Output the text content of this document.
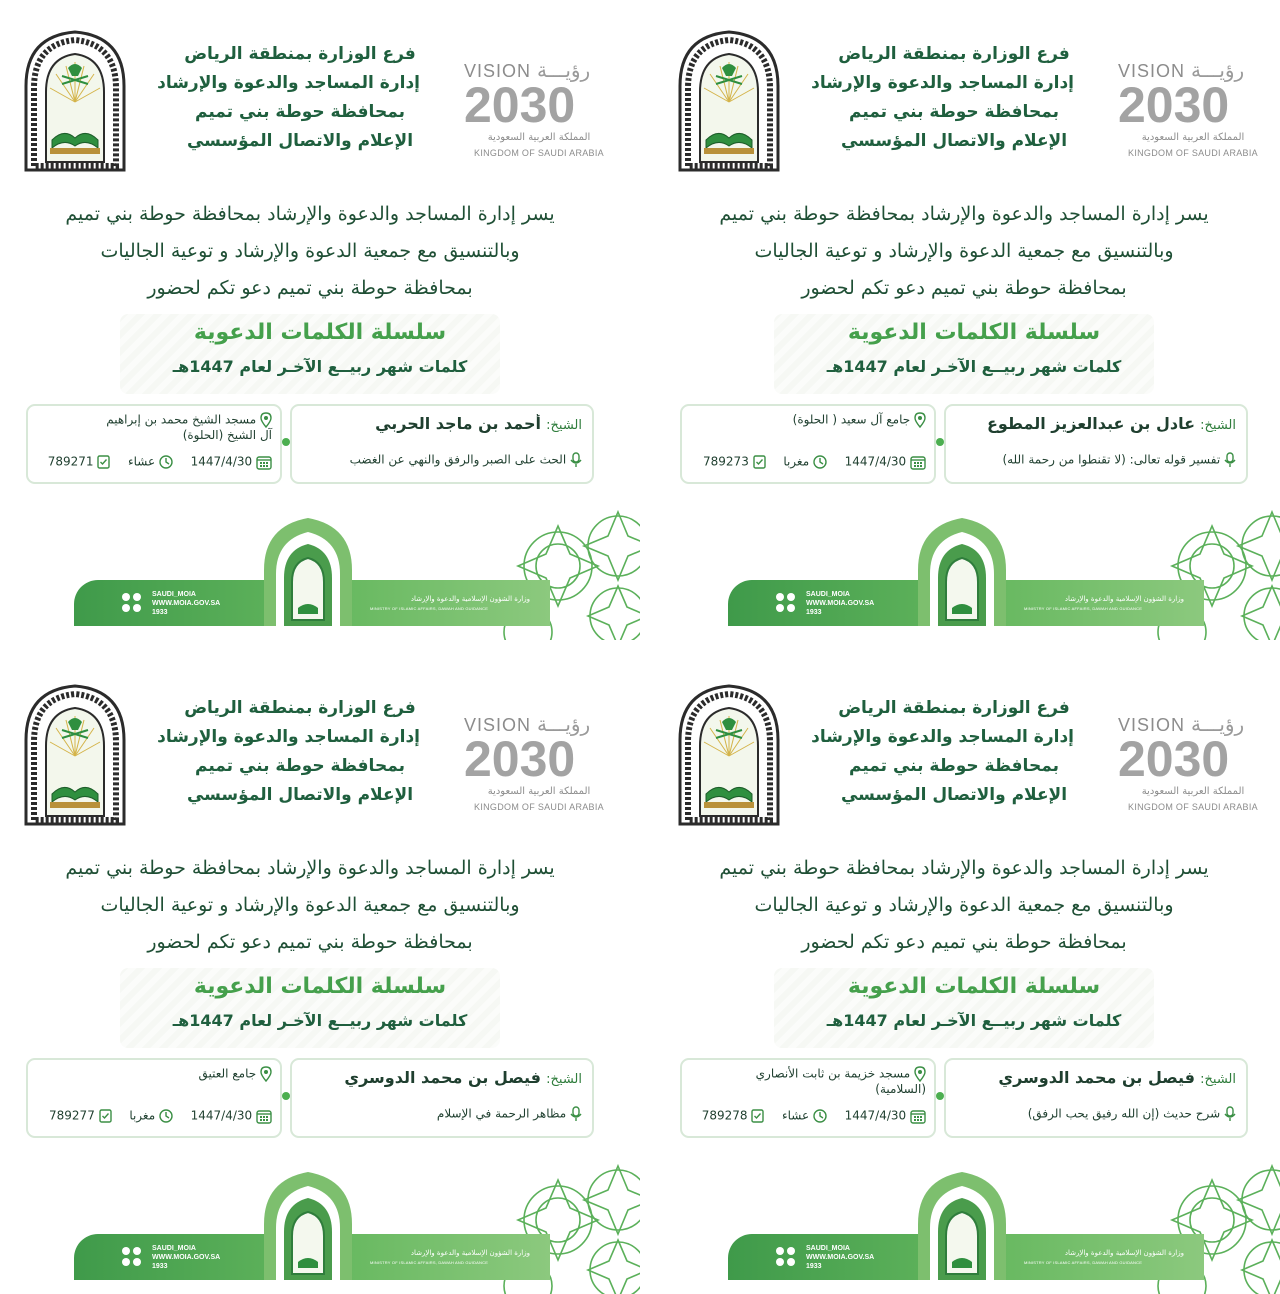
فرع الوزارة بمنطقة الرياض
إدارة المساجد والدعوة والإرشاد
بمحافظة حوطة بني تميم
الإعلام والاتصال المؤسسي
VISION رؤيـــة
2030
المملكة العربية السعودية
KINGDOM OF SAUDI ARABIA
يسر إدارة المساجد والدعوة والإرشاد بمحافظة حوطة بني تميم
وبالتنسيق مع جمعية الدعوة والإرشاد و توعية الجاليات
بمحافظة حوطة بني تميم دعو تكم لحضور
سلسلة الكلمات الدعوية
كلمات شهر ربيــع الآخـر لعام 1447هـ
الشيخ: عادل بن عبدالعزيز المطوع
تفسير قوله تعالى: (لا تقنطوا من رحمة الله)
جامع آل سعيد ( الحلوة)

1447/4/30   مغربا   789273
SAUDI_MOIA
WWW.MOIA.GOV.SA
1933
وزارة الشؤون الإسلامية والدعوة والإرشاد
MINISTRY OF ISLAMIC AFFAIRS, DAWAH AND GUIDANCE
فرع الوزارة بمنطقة الرياض
إدارة المساجد والدعوة والإرشاد
بمحافظة حوطة بني تميم
الإعلام والاتصال المؤسسي
VISION رؤيـــة
2030
المملكة العربية السعودية
KINGDOM OF SAUDI ARABIA
يسر إدارة المساجد والدعوة والإرشاد بمحافظة حوطة بني تميم
وبالتنسيق مع جمعية الدعوة والإرشاد و توعية الجاليات
بمحافظة حوطة بني تميم دعو تكم لحضور
سلسلة الكلمات الدعوية
كلمات شهر ربيــع الآخـر لعام 1447هـ
الشيخ: أحمد بن ماجد الحربي
الحث على الصبر والرفق والنهي عن الغضب
مسجد الشيخ محمد بن إبراهيم
آل الشيخ (الحلوة)
1447/4/30   عشاء   789271
SAUDI_MOIA
WWW.MOIA.GOV.SA
1933
وزارة الشؤون الإسلامية والدعوة والإرشاد
MINISTRY OF ISLAMIC AFFAIRS, DAWAH AND GUIDANCE
فرع الوزارة بمنطقة الرياض
إدارة المساجد والدعوة والإرشاد
بمحافظة حوطة بني تميم
الإعلام والاتصال المؤسسي
VISION رؤيـــة
2030
المملكة العربية السعودية
KINGDOM OF SAUDI ARABIA
يسر إدارة المساجد والدعوة والإرشاد بمحافظة حوطة بني تميم
وبالتنسيق مع جمعية الدعوة والإرشاد و توعية الجاليات
بمحافظة حوطة بني تميم دعو تكم لحضور
سلسلة الكلمات الدعوية
كلمات شهر ربيــع الآخـر لعام 1447هـ
الشيخ: فيصل بن محمد الدوسري
شرح حديث (إن الله رفيق يحب الرفق)
مسجد خزيمة بن ثابت الأنصاري
(السلامية)
1447/4/30   عشاء   789278
SAUDI_MOIA
WWW.MOIA.GOV.SA
1933
وزارة الشؤون الإسلامية والدعوة والإرشاد
MINISTRY OF ISLAMIC AFFAIRS, DAWAH AND GUIDANCE
فرع الوزارة بمنطقة الرياض
إدارة المساجد والدعوة والإرشاد
بمحافظة حوطة بني تميم
الإعلام والاتصال المؤسسي
VISION رؤيـــة
2030
المملكة العربية السعودية
KINGDOM OF SAUDI ARABIA
يسر إدارة المساجد والدعوة والإرشاد بمحافظة حوطة بني تميم
وبالتنسيق مع جمعية الدعوة والإرشاد و توعية الجاليات
بمحافظة حوطة بني تميم دعو تكم لحضور
سلسلة الكلمات الدعوية
كلمات شهر ربيــع الآخـر لعام 1447هـ
الشيخ: فيصل بن محمد الدوسري
مظاهر الرحمة في الإسلام
جامع العتيق

1447/4/30   مغربا   789277
SAUDI_MOIA
WWW.MOIA.GOV.SA
1933
وزارة الشؤون الإسلامية والدعوة والإرشاد
MINISTRY OF ISLAMIC AFFAIRS, DAWAH AND GUIDANCE
